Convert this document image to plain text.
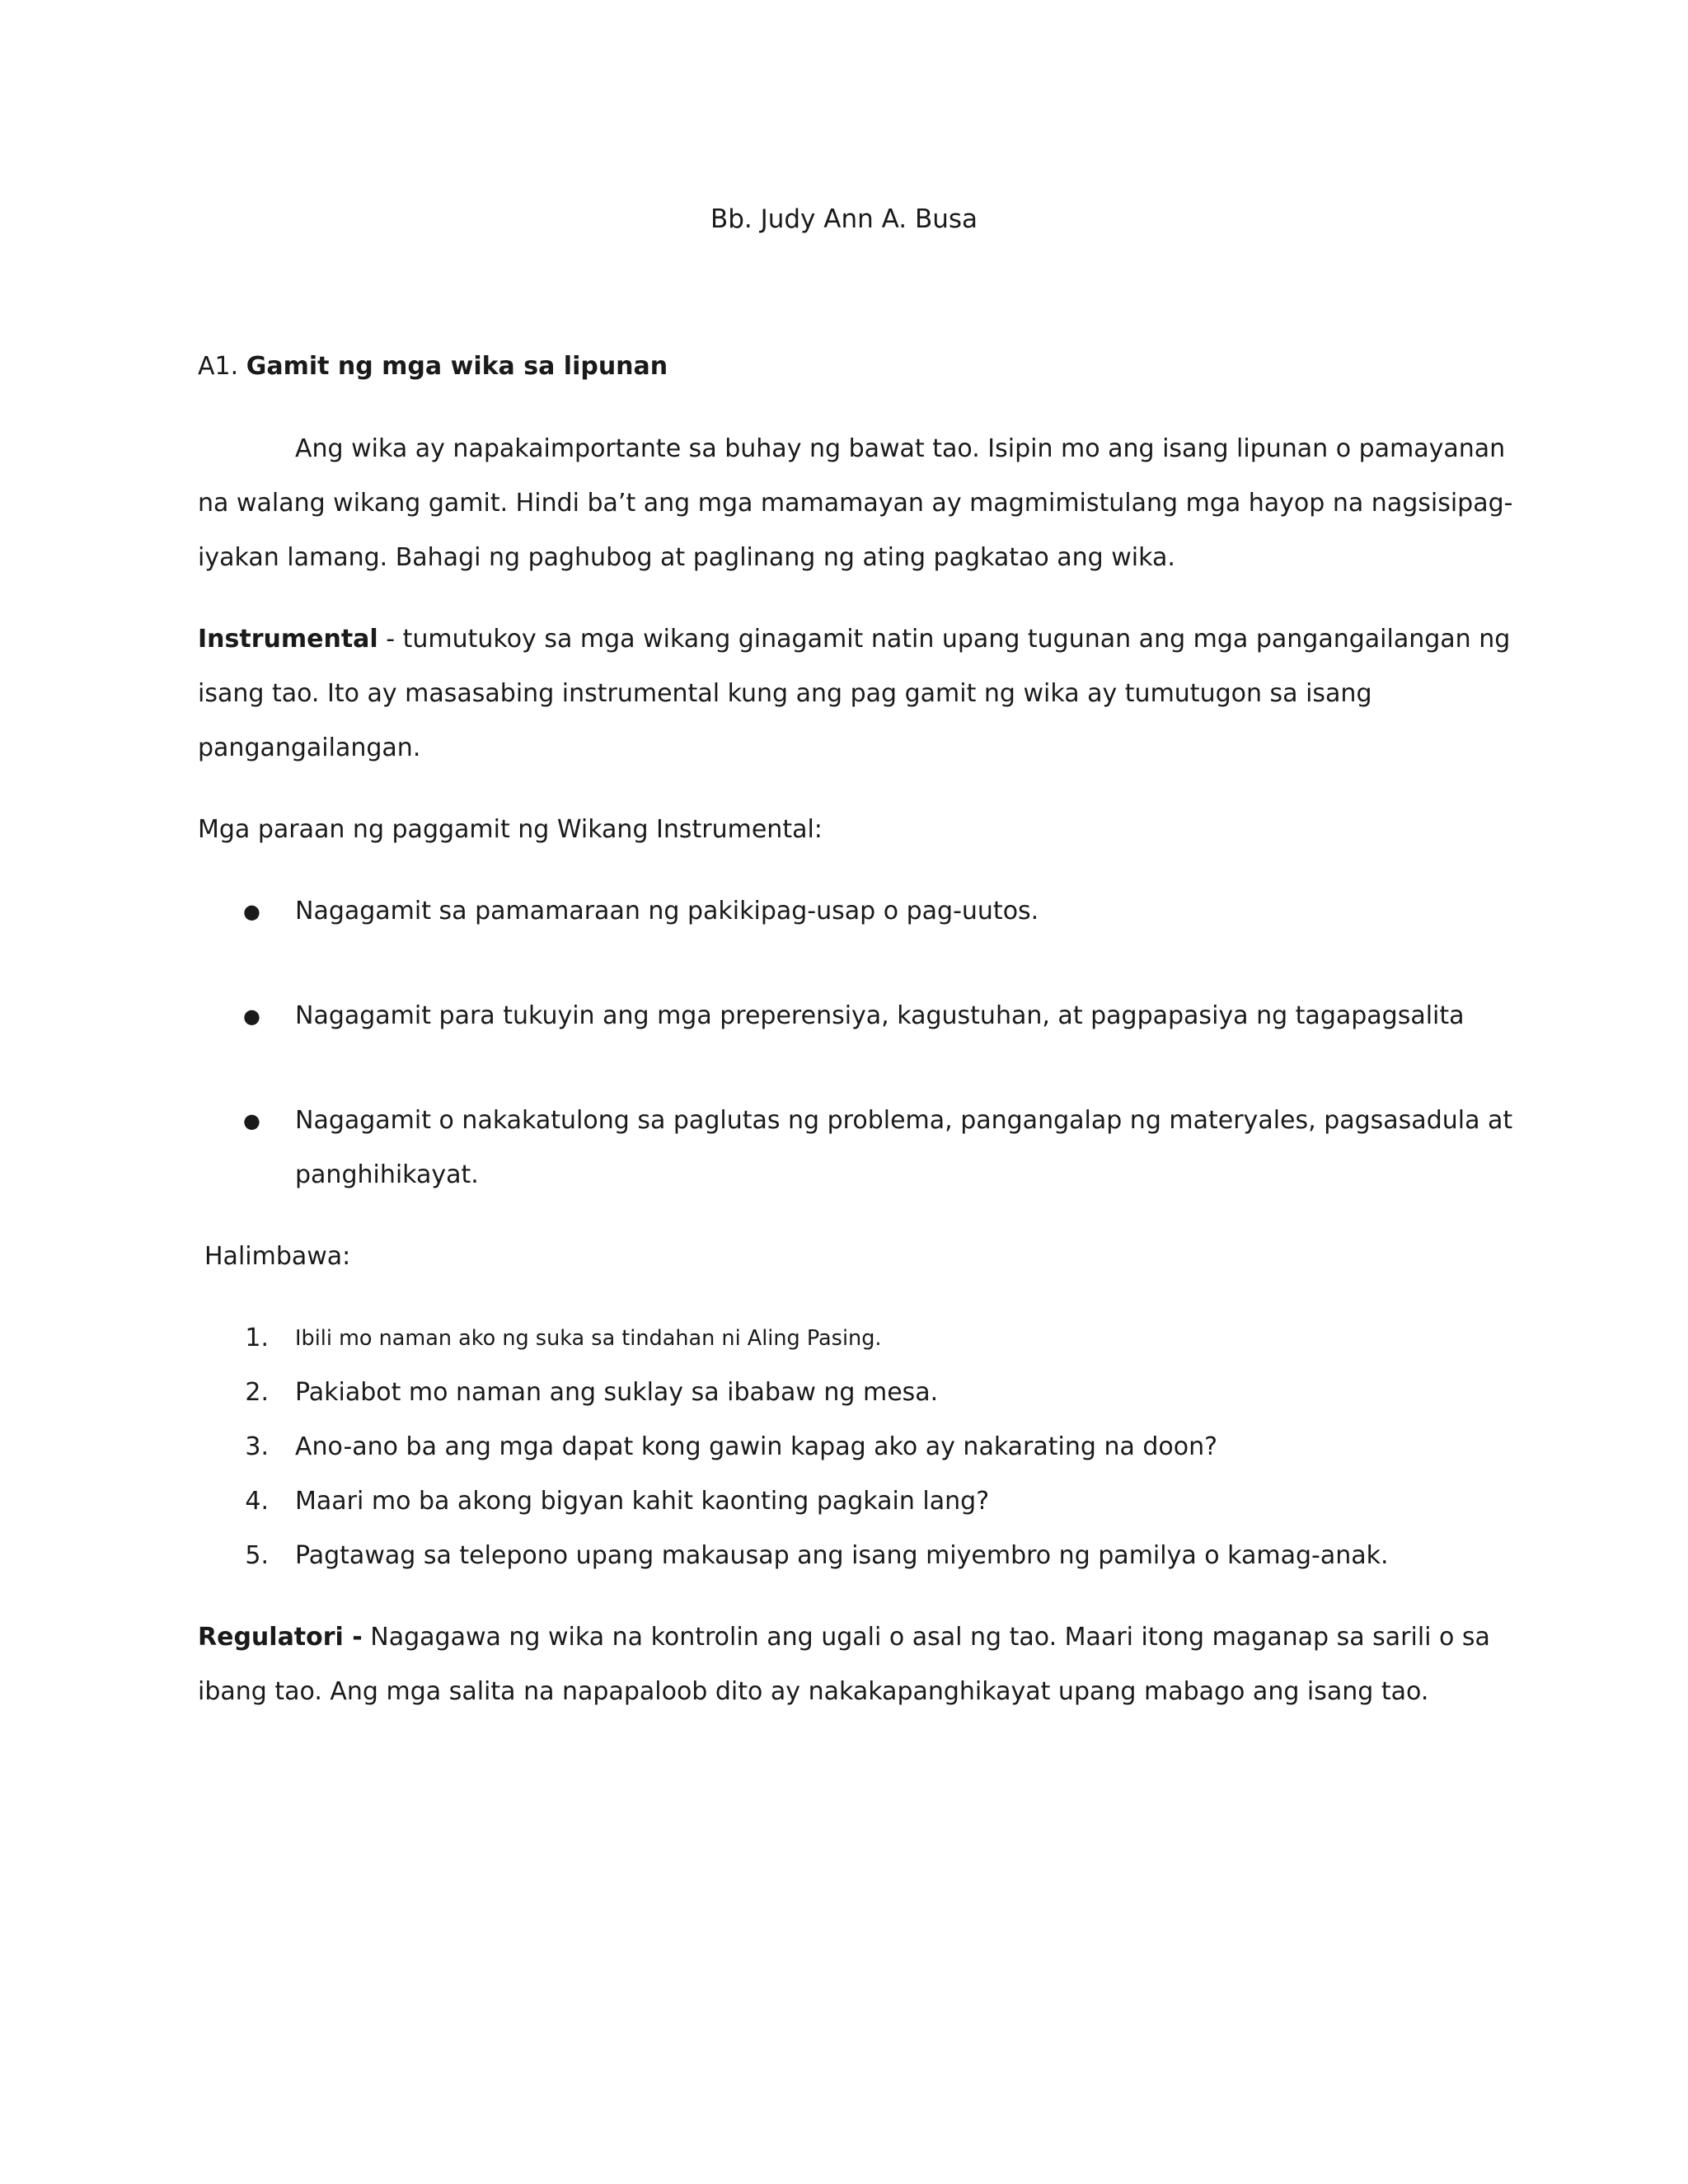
Bb. Judy Ann A. Busa
A1. Gamit ng mga wika sa lipunan
Ang wika ay napakaimportante sa buhay ng bawat tao. Isipin mo ang isang lipunan o pamayanan
na walang wikang gamit. Hindi ba’t ang mga mamamayan ay magmimistulang mga hayop na nagsisipag-
iyakan lamang. Bahagi ng paghubog at paglinang ng ating pagkatao ang wika.
Instrumental - tumutukoy sa mga wikang ginagamit natin upang tugunan ang mga pangangailangan ng
isang tao. Ito ay masasabing instrumental kung ang pag gamit ng wika ay tumutugon sa isang
pangangailangan.
Mga paraan ng paggamit ng Wikang Instrumental:
● Nagagamit sa pamamaraan ng pakikipag-usap o pag-uutos.
● Nagagamit para tukuyin ang mga preperensiya, kagustuhan, at pagpapasiya ng tagapagsalita
● Nagagamit o nakakatulong sa paglutas ng problema, pangangalap ng materyales, pagsasadula at
panghihikayat.
Halimbawa:
1. Ibili mo naman ako ng suka sa tindahan ni Aling Pasing.
2. Pakiabot mo naman ang suklay sa ibabaw ng mesa.
3. Ano-ano ba ang mga dapat kong gawin kapag ako ay nakarating na doon?
4. Maari mo ba akong bigyan kahit kaonting pagkain lang?
5. Pagtawag sa telepono upang makausap ang isang miyembro ng pamilya o kamag-anak.
Regulatori - Nagagawa ng wika na kontrolin ang ugali o asal ng tao. Maari itong maganap sa sarili o sa
ibang tao. Ang mga salita na napapaloob dito ay nakakapanghikayat upang mabago ang isang tao.
